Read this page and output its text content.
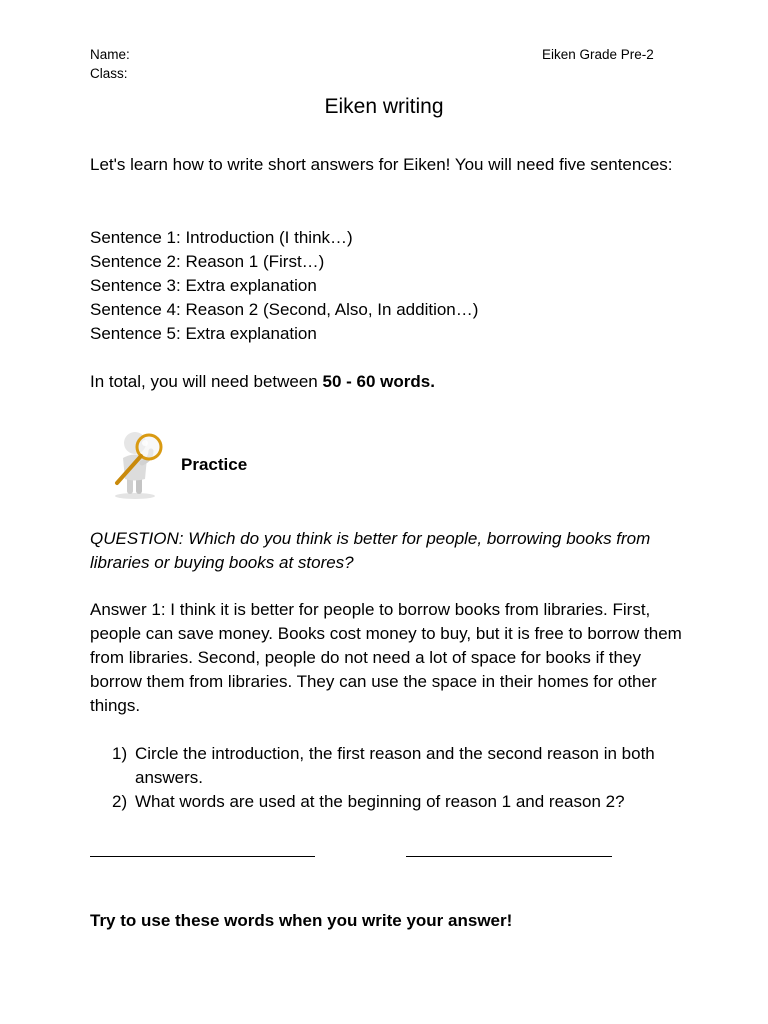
Name:
Class:
Eiken Grade Pre-2
Eiken writing
Let's learn how to write short answers for Eiken! You will need five sentences:
Sentence 1: Introduction (I think…)
Sentence 2: Reason 1 (First…)
Sentence 3: Extra explanation
Sentence 4: Reason 2 (Second, Also, In addition…)
Sentence 5: Extra explanation
In total, you will need between 50 - 60 words.
Practice
QUESTION: Which do you think is better for people, borrowing books from libraries or buying books at stores?
Answer 1: I think it is better for people to borrow books from libraries. First, people can save money. Books cost money to buy, but it is free to borrow them from libraries. Second, people do not need a lot of space for books if they borrow them from libraries. They can use the space in their homes for other things.
1) Circle the introduction, the first reason and the second reason in both answers.
2) What words are used at the beginning of reason 1 and reason 2?
Try to use these words when you write your answer!
